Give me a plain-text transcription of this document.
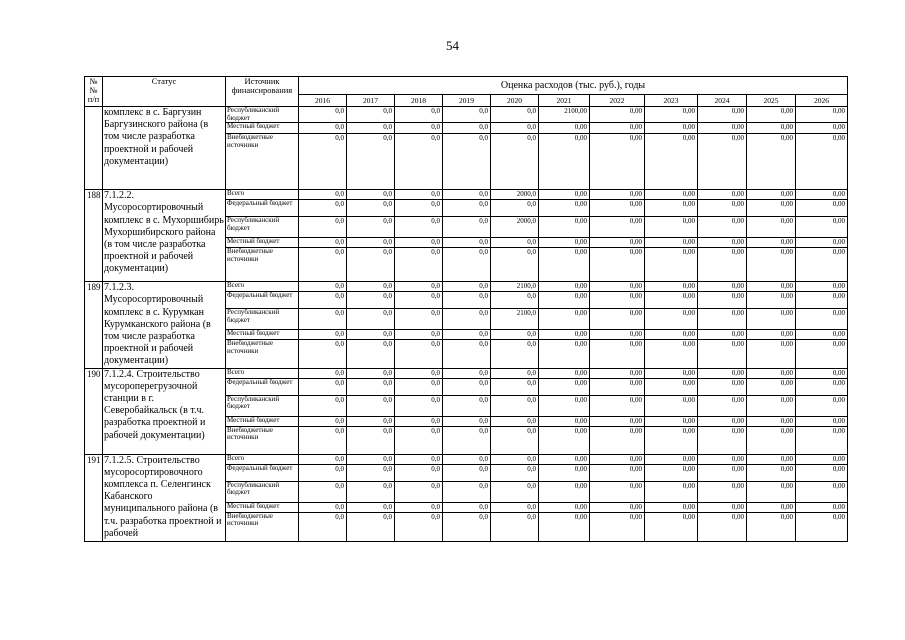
54
№
№
п/п	Статус	Источник финансирования	Оценка расходов (тыс. руб.), годы										
			2016	2017	2018	2019	2020	2021	2022	2023	2024	2025	2026
	комплекс в с. Баргузин Баргузинского района (в том числе разработка проектной и рабочей документации)	Республиканский бюджет	0,0	0,0	0,0	0,0	0,0	2100,00	0,00	0,00	0,00	0,00	0,00
		Местный бюджет	0,0	0,0	0,0	0,0	0,0	0,00	0,00	0,00	0,00	0,00	0,00
		Внебюджетные источники	0,0	0,0	0,0	0,0	0,0	0,00	0,00	0,00	0,00	0,00	0,00
188	7.1.2.2. Мусоросортировочный комплекс в с. Мухоршибирь Мухоршибирского района (в том числе разработка проектной и рабочей документации)	Всего	0,0	0,0	0,0	0,0	2000,0	0,00	0,00	0,00	0,00	0,00	0,00
		Федеральный бюджет	0,0	0,0	0,0	0,0	0,0	0,00	0,00	0,00	0,00	0,00	0,00
		Республиканский бюджет	0,0	0,0	0,0	0,0	2000,0	0,00	0,00	0,00	0,00	0,00	0,00
		Местный бюджет	0,0	0,0	0,0	0,0	0,0	0,00	0,00	0,00	0,00	0,00	0,00
		Внебюджетные источники	0,0	0,0	0,0	0,0	0,0	0,00	0,00	0,00	0,00	0,00	0,00
189	7.1.2.3. Мусоросортировочный комплекс в с. Курумкан Курумканского района (в том числе разработка проектной и рабочей документации)	Всего	0,0	0,0	0,0	0,0	2100,0	0,00	0,00	0,00	0,00	0,00	0,00
		Федеральный бюджет	0,0	0,0	0,0	0,0	0,0	0,00	0,00	0,00	0,00	0,00	0,00
		Республиканский бюджет	0,0	0,0	0,0	0,0	2100,0	0,00	0,00	0,00	0,00	0,00	0,00
		Местный бюджет	0,0	0,0	0,0	0,0	0,0	0,00	0,00	0,00	0,00	0,00	0,00
		Внебюджетные источники	0,0	0,0	0,0	0,0	0,0	0,00	0,00	0,00	0,00	0,00	0,00
190	7.1.2.4. Строительство мусороперегрузочной станции в г. Северобайкальск (в т.ч. разработка проектной и рабочей документации)	Всего	0,0	0,0	0,0	0,0	0,0	0,00	0,00	0,00	0,00	0,00	0,00
		Федеральный бюджет	0,0	0,0	0,0	0,0	0,0	0,00	0,00	0,00	0,00	0,00	0,00
		Республиканский бюджет	0,0	0,0	0,0	0,0	0,0	0,00	0,00	0,00	0,00	0,00	0,00
		Местный бюджет	0,0	0,0	0,0	0,0	0,0	0,00	0,00	0,00	0,00	0,00	0,00
		Внебюджетные источники	0,0	0,0	0,0	0,0	0,0	0,00	0,00	0,00	0,00	0,00	0,00
191	7.1.2.5. Строительство мусоросортировочного комплекса п. Селенгинск Кабанского муниципального района (в т.ч. разработка проектной и рабочей	Всего	0,0	0,0	0,0	0,0	0,0	0,00	0,00	0,00	0,00	0,00	0,00
		Федеральный бюджет	0,0	0,0	0,0	0,0	0,0	0,00	0,00	0,00	0,00	0,00	0,00
		Республиканский бюджет	0,0	0,0	0,0	0,0	0,0	0,00	0,00	0,00	0,00	0,00	0,00
		Местный бюджет	0,0	0,0	0,0	0,0	0,0	0,00	0,00	0,00	0,00	0,00	0,00
		Внебюджетные источники	0,0	0,0	0,0	0,0	0,0	0,00	0,00	0,00	0,00	0,00	0,00
